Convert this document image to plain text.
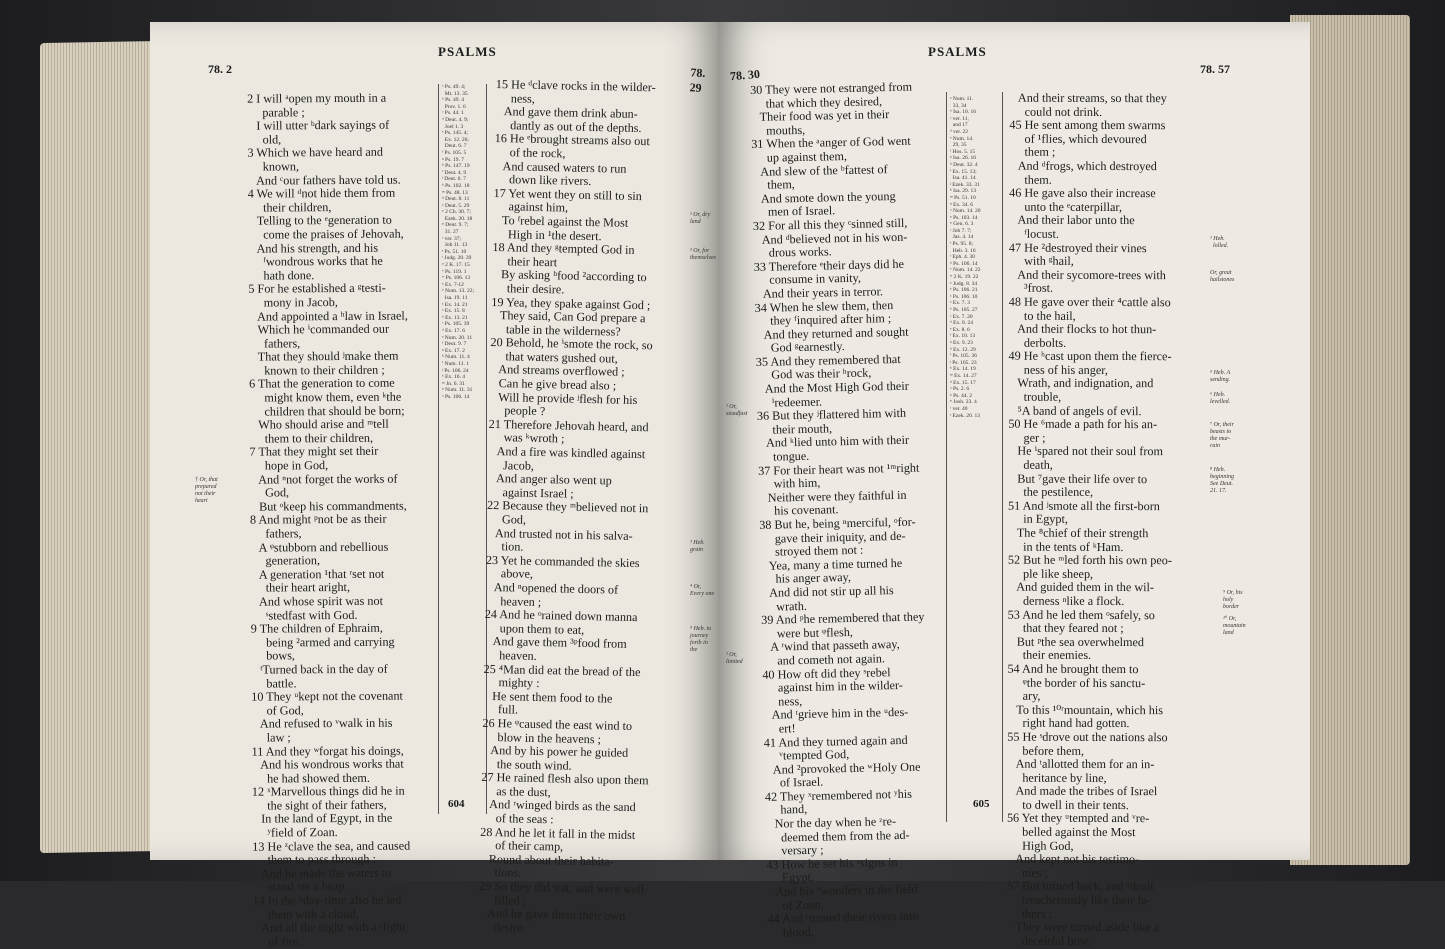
PSALMS
78. 2	78. 29
† Or, that
prepared
not their
heart

2 I will ᵃopen my mouth in a

parable ;

I will utter ᵇdark sayings of

old,

3 Which we have heard and

known,

And ᶜour fathers have told us.

4 We will ᵈnot hide them from

their children,

Telling to the ᵉgeneration to

come the praises of Jehovah,

And his strength, and his

ᶠwondrous works that he

hath done.

5 For he established a ᵍtesti-

mony in Jacob,

And appointed a ʰlaw in Israel,

Which he ⁱcommanded our

fathers,

That they should ʲmake them

known to their children ;

6 That the generation to come

might know them, even ᵏthe

children that should be born;

Who should arise and ᵐtell

them to their children,

7 That they might set their

hope in God,

And ⁿnot forget the works of

God,

But ᵒkeep his commandments,

8 And might ᵖnot be as their

fathers,

A ᵠstubborn and rebellious

generation,

A generation ¹that ʳset not

their heart aright,

And whose spirit was not

ˢstedfast with God.

9 The children of Ephraim,

being ²armed and carrying

bows,

ᵗTurned back in the day of

battle.

10 They ᵘkept not the covenant

of God,

And refused to ᵛwalk in his

law ;

11 And they ʷforgat his doings,

And his wondrous works that

he had showed them.

12 ˣMarvellous things did he in

the sight of their fathers,

In the land of Egypt, in the

ʸfield of Zoan.

13 He ᶻclave the sea, and caused

them to pass through ;

And he made the waters to

stand ᵃas a heap.

14 In the ᵇday-time also he led

them with a cloud,

And all the night with a ᶜlight

of fire.

ᵃ Ps. 49. 4;
Mt. 13. 35
ᵇ Ps. 49. 4
Prov. 1. 6
ᶜ Ps. 44. 1
ᵈ Deut. 4. 9;
Joel 1. 3
ᵉ Ps. 145. 4;
Ex. 12. 26;
Deut. 6. 7
ᶠ Ps. 105. 5
ᵍ Ps. 19. 7
ʰ Ps. 147. 19
ⁱ Deut. 4. 9
ʲ Deut. 6. 7
ᵏ Ps. 102. 18
ᵐ Ps. 48. 13
ⁿ Deut. 8. 11
ᵒ Deut. 5. 29
ᵖ 2 Ch. 30. 7;
Ezek. 20. 18
ᵠ Deut. 9. 7;
31. 27
ʳ ver. 37;
Job 11. 13
ˢ Ps. 51. 10
ᵗ Judg. 20. 39
ᵘ 2 K. 17. 15
ᵛ Ps. 119. 1
ʷ Ps. 106. 13
ˣ Ex. 7-12
ʸ Num. 13. 22;
Isa. 19. 11
ᶻ Ex. 14. 21
ᵃ Ex. 15. 8
ᵇ Ex. 13. 21
ᶜ Ps. 105. 39
ᵈ Ex. 17. 6
ᵉ Num. 20. 11
ᶠ Deut. 9. 7
ᵍ Ex. 17. 2
ʰ Num. 11. 4
ⁱ Num. 11. 1
ʲ Ps. 106. 24
ᵏ Ex. 16. 4
ᵐ Jn. 6. 31
ⁿ Num. 11. 31
ᵒ Ps. 106. 14

15 He ᵈclave rocks in the wilder-

ness,

And gave them drink abun-

dantly as out of the depths.

16 He ᵉbrought streams also out

of the rock,

And caused waters to run

down like rivers.

17 Yet went they on still to sin

against him,

To ᶠrebel against the Most

High in ¹the desert.

18 And they ᵍtempted God in

their heart

By asking ʰfood ²according to

their desire.

19 Yea, they spake against God ;

They said, Can God prepare a

table in the wilderness?

20 Behold, he ⁱsmote the rock, so

that waters gushed out,

And streams overflowed ;

Can he give bread also ;

Will he provide ʲflesh for his

people ?

21 Therefore Jehovah heard, and

was ᵏwroth ;

And a fire was kindled against

Jacob,

And anger also went up

against Israel ;

22 Because they ᵐbelieved not in

God,

And trusted not in his salva-

tion.

23 Yet he commanded the skies

above,

And ⁿopened the doors of

heaven ;

24 And he ᵒrained down manna

upon them to eat,

And gave them ³ᵖfood from

heaven.

25 ⁴Man did eat the bread of the

mighty :

He sent them food to the

full.

26 He ᵠcaused the east wind to

blow in the heavens ;

And by his power he guided

the south wind.

27 He rained flesh also upon them

as the dust,

And ʳwinged birds as the sand

of the seas :

28 And he let it fall in the midst

of their camp,

Round about their habita-

tions.

29 So they did ˢeat, and were well

filled ;

And he gave them their own

desire.

604
¹ Or, dry
land
² Or, for
themselves
³ Heb.
grain
⁴ Or,
Every one
⁵ Heb. to
journey
forth in
the
PSALMS
78. 30	78. 57
¹ Or,
steadfast
¹ Or,
limited

30 They were not estranged from

that which they desired,

Their food was yet in their

mouths,

31 When the ᵃanger of God went

up against them,

And slew of the ᵇfattest of

them,

And smote down the young

men of Israel.

32 For all this they ᶜsinned still,

And ᵈbelieved not in his won-

drous works.

33 Therefore ᵉtheir days did he

consume in vanity,

And their years in terror.

34 When he slew them, then

they ᶠinquired after him ;

And they returned and sought

God ᵍearnestly.

35 And they remembered that

God was their ʰrock,

And the Most High God their

ⁱredeemer.

36 But they ʲflattered him with

their mouth,

And ᵏlied unto him with their

tongue.

37 For their heart was not ¹ᵐright

with him,

Neither were they faithful in

his covenant.

38 But he, being ⁿmerciful, ᵒfor-

gave their iniquity, and de-

stroyed them not :

Yea, many a time turned he

his anger away,

And did not stir up all his

wrath.

39 And ᵖhe remembered that they

were but ᵠflesh,

A ʳwind that passeth away,

and cometh not again.

40 How oft did they ˢrebel

against him in the wilder-

ness,

And ᵗgrieve him in the ᵘdes-

ert!

41 And they turned again and

ᵛtempted God,

And ²provoked the ʷHoly One

of Israel.

42 They ˣremembered not ʸhis

hand,

Nor the day when he ᶻre-

deemed them from the ad-

versary ;

43 How he set his ᵃsigns in

Egypt,

And his ᵇwonders in the field

of Zoan,

44 And ᶜturned their rivers into

blood,

ᵃ Num. 11.
33, 34
ᵇ Isa. 10. 16
ᶜ ver. 11,
and 17
ᵈ ver. 22
ᵉ Num. 14.
29, 35
ᶠ Hos. 5. 15
ᵍ Isa. 26. 16
ʰ Deut. 32. 4
ⁱ Ex. 15. 13;
Isa. 41. 14
ʲ Ezek. 33. 31
ᵏ Isa. 29. 13
ᵐ Ps. 51. 10
ⁿ Ex. 34. 6
ᵒ Num. 14. 20
ᵖ Ps. 103. 14
ᵠ Gen. 6. 3
ʳ Job 7. 7;
Jas. 4. 14
ˢ Ps. 95. 8;
Heb. 3. 16
ᵗ Eph. 4. 30
ᵘ Ps. 106. 14
ᵛ Num. 14. 22
ʷ 2 K. 19. 22
ˣ Judg. 8. 34
ʸ Ps. 106. 21
ᶻ Ps. 106. 10
ᵃ Ex. 7. 3
ᵇ Ps. 105. 27
ᶜ Ex. 7. 20
ᵈ Ex. 8. 24
ᵉ Ex. 8. 6
ᶠ Ex. 10. 13
ᵍ Ex. 9. 23
ʰ Ex. 12. 29
ⁱ Ps. 105. 36
ʲ Ps. 105. 23
ᵏ Ex. 14. 19
ᵐ Ex. 14. 27
ⁿ Ex. 15. 17
ᵒ Ps. 2. 6
ᵖ Ps. 44. 2
ᵠ Josh. 23. 4
ʳ ver. 40
ˢ Ezek. 20. 13

And their streams, so that they

could not drink.

45 He sent among them swarms

of ¹flies, which devoured

them ;

And ᵈfrogs, which destroyed

them.

46 He gave also their increase

unto the ᵉcaterpillar,

And their labor unto the

ᶠlocust.

47 He ²destroyed their vines

with ᵍhail,

And their sycomore-trees with

³frost.

48 He gave over their ⁴cattle also

to the hail,

And their flocks to hot thun-

derbolts.

49 He ʰcast upon them the fierce-

ness of his anger,

Wrath, and indignation, and

trouble,

⁵A band of angels of evil.

50 He ⁶made a path for his an-

ger ;

He ⁱspared not their soul from

death,

But ⁷gave their life over to

the pestilence,

51 And ʲsmote all the first-born

in Egypt,

The ⁸chief of their strength

in the tents of ᵏHam.

52 But he ᵐled forth his own peo-

ple like sheep,

And guided them in the wil-

derness ⁿlike a flock.

53 And he led them ᵒsafely, so

that they feared not ;

But ᵖthe sea overwhelmed

their enemies.

54 And he brought them to

ᵠthe border of his sanctu-

ary,

To this ¹⁰ʳmountain, which his

right hand had gotten.

55 He ˢdrove out the nations also

before them,

And ᵗallotted them for an in-

heritance by line,

And made the tribes of Israel

to dwell in their tents.

56 Yet they ᵘtempted and ᵛre-

belled against the Most

High God,

And kept not his testimo-

nies ;

57 But turned back, and ˣdealt

treacherously like their fa-

thers :

They were turned aside like a

deceitful bow.

605
¹ Heb.
lolled.
Or, great
hailstones
⁵ Heb. A
sending.
⁶ Heb.
levelled.
⁷ Or, their
beasts to
the mur-
rain
⁸ Heb.
beginning
See Deut.
21. 17.
⁹ Or, his
holy
border
¹⁰ Or,
mountain
land
